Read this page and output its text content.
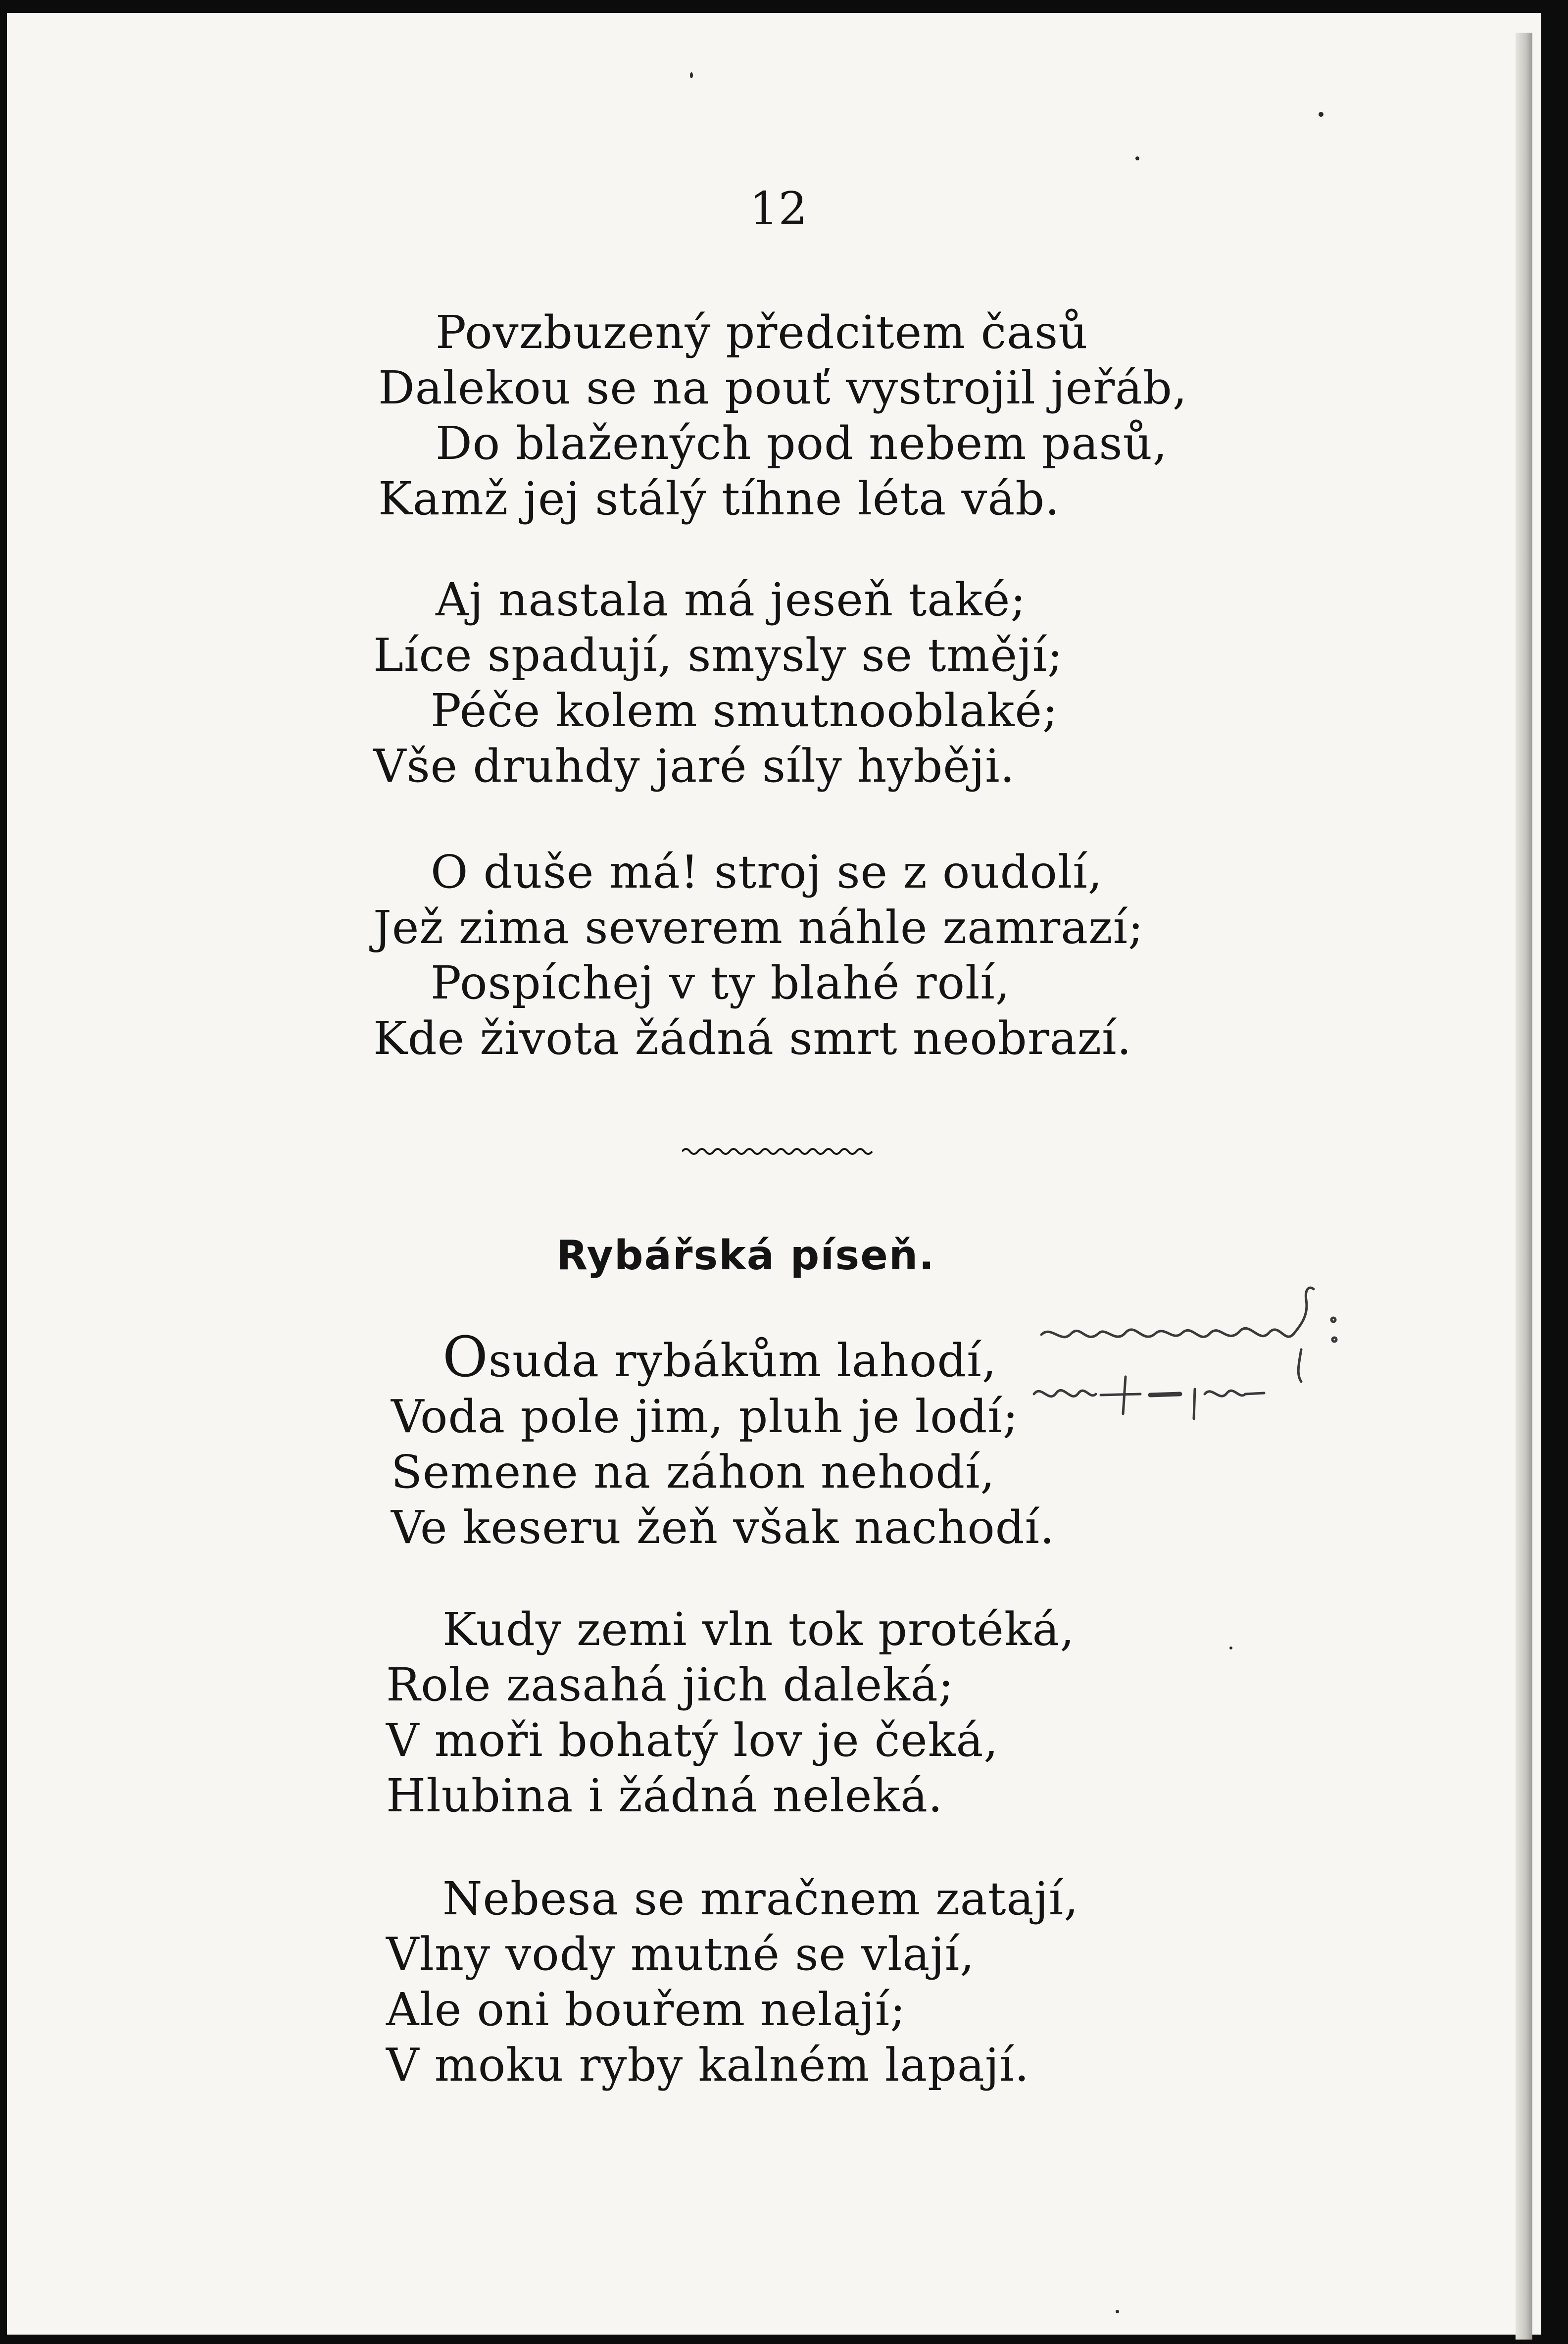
12
Povzbuzený předcitem časů
Dalekou se na pouť vystrojil jeřáb,
Do blažených pod nebem pasů,
Kamž jej stálý tíhne léta váb.
Aj nastala má jeseň také;
Líce spadují, smysly se tmějí;
Péče kolem smutnooblaké;
Vše druhdy jaré síly hyběji.
O duše má! stroj se z oudolí,
Jež zima severem náhle zamrazí;
Pospíchej v ty blahé rolí,
Kde života žádná smrt neobrazí.
Rybářská píseň.
Osuda rybákům lahodí,
Voda pole jim, pluh je lodí;
Semene na záhon nehodí,
Ve keseru žeň však nachodí.
Kudy zemi vln tok protéká,
Role zasahá jich daleká;
V moři bohatý lov je čeká,
Hlubina i žádná neleká.
Nebesa se mračnem zatají,
Vlny vody mutné se vlají,
Ale oni bouřem nelají;
V moku ryby kalném lapají.
